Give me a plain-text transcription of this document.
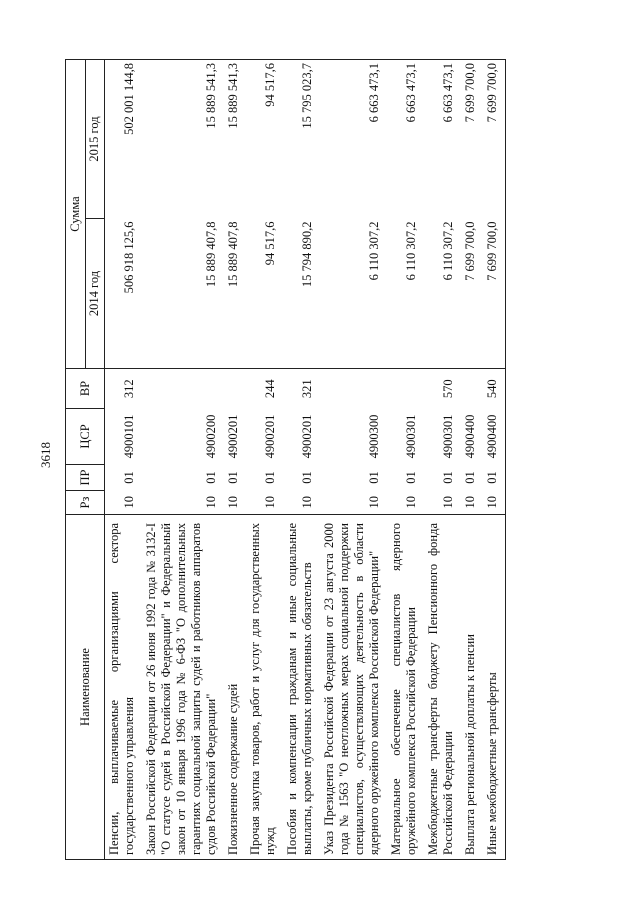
3618
Наименование	Рз	ПР	ЦСР	ВР	Сумма	
					2014 год	2015 год
Пенсии, выплачиваемые организациями сектора государственного управления	10	01	4900101	312	506 918 125,6	502 001 144,8
Закон Российской Федерации от 26 июня 1992 года № 3132-I "О статусе судей в Российской Федерации" и Федеральный закон от 10 января 1996 года № 6-ФЗ "О дополнительных гарантиях социальной защиты судей и работников аппаратов судов Российской Федерации"	10	01	4900200		15 889 407,8	15 889 541,3
Пожизненное содержание судей	10	01	4900201		15 889 407,8	15 889 541,3
Прочая закупка товаров, работ и услуг для государственных нужд	10	01	4900201	244	94 517,6	94 517,6
Пособия и компенсации гражданам и иные социальные выплаты, кроме публичных нормативных обязательств	10	01	4900201	321	15 794 890,2	15 795 023,7
Указ Президента Российской Федерации от 23 августа 2000 года № 1563 "О неотложных мерах социальной поддержки специалистов, осуществляющих деятельность в области ядерного оружейного комплекса Российской Федерации"	10	01	4900300		6 110 307,2	6 663 473,1
Материальное обеспечение специалистов ядерного оружейного комплекса Российской Федерации	10	01	4900301		6 110 307,2	6 663 473,1
Межбюджетные трансферты бюджету Пенсионного фонда Российской Федерации	10	01	4900301	570	6 110 307,2	6 663 473,1
Выплата региональной доплаты к пенсии	10	01	4900400		7 699 700,0	7 699 700,0
Иные межбюджетные трансферты	10	01	4900400	540	7 699 700,0	7 699 700,0
